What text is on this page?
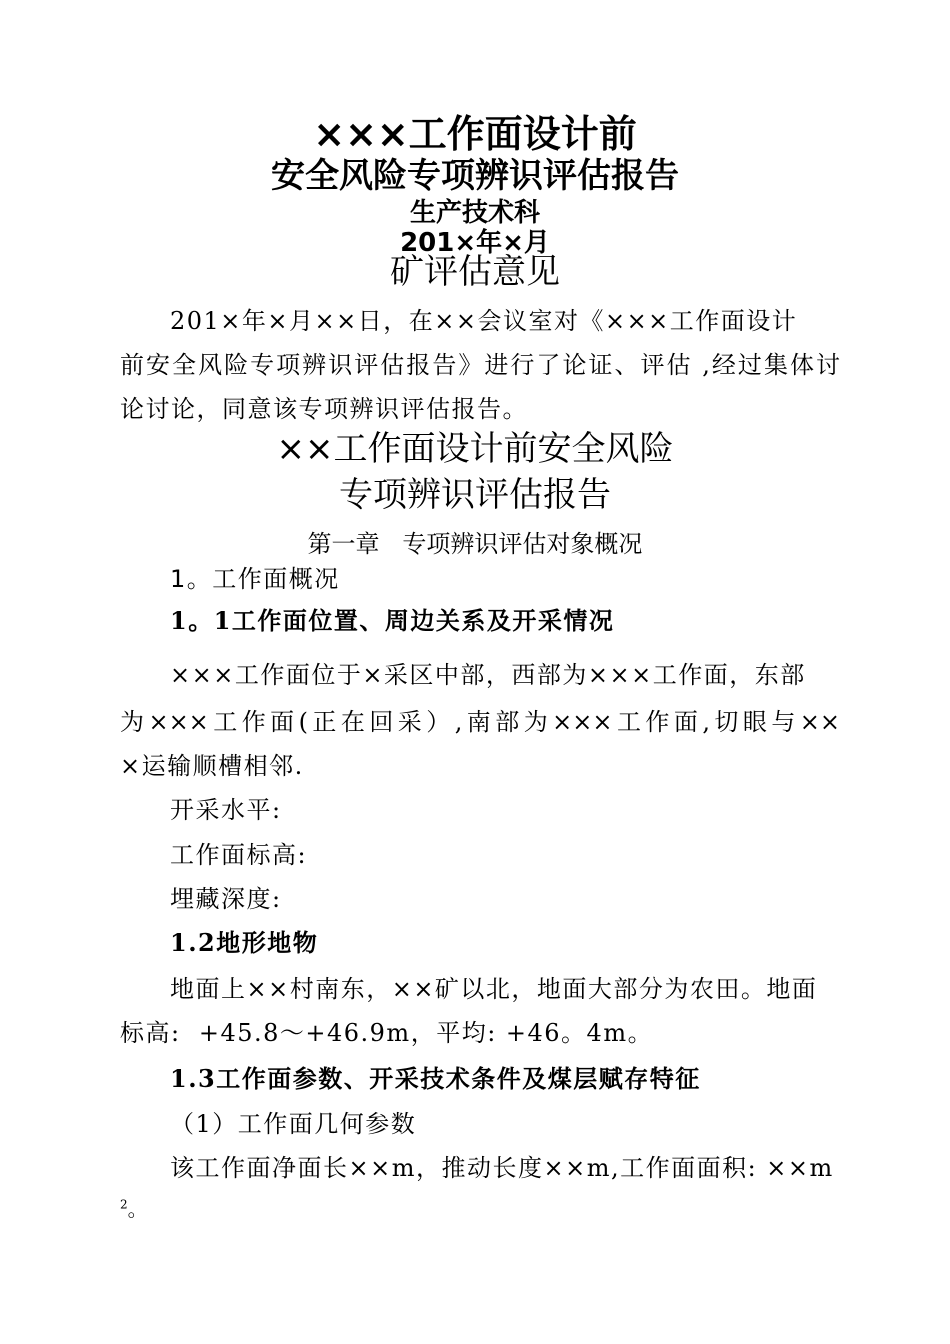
×××工作面设计前
安全风险专项辨识评估报告
生产技术科
201×年×月
矿评估意见
201×年×月××日，在××会议室对《×××工作面设计
前安全风险专项辨识评估报告》进行了论证、评估 ,经过集体讨
论讨论，同意该专项辨识评估报告。
××工作面设计前安全风险
专项辨识评估报告
第一章   专项辨识评估对象概况
1。工作面概况
1。1工作面位置、周边关系及开采情况
×××工作面位于×采区中部，西部为×××工作面，东部
为×××工作面(正在回采）,南部为×××工作面,切眼与××
×运输顺槽相邻.
开采水平:
工作面标高:
埋藏深度:
1.2地形地物
地面上××村南东，××矿以北，地面大部分为农田。地面
标高:  +45.8～+46.9m，平均: +46。4m。
1.3工作面参数、开采技术条件及煤层赋存特征
（1）工作面几何参数
该工作面净面长××m，推动长度××m,工作面面积: ××m
$^2$。
